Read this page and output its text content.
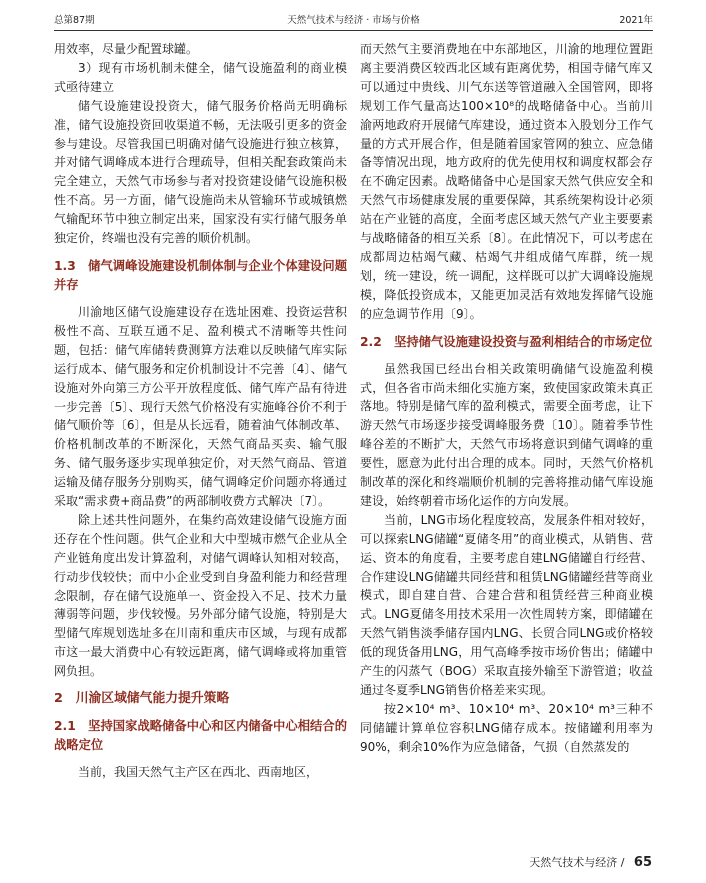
总第87期	天然气技术与经济 · 市场与价格	2021年

用效率，尽量少配置球罐。

3）现有市场机制未健全，储气设施盈利的商业模式亟待建立

储气设施建设投资大，储气服务价格尚无明确标准，储气设施投资回收渠道不畅，无法吸引更多的资金参与建设。尽管我国已明确对储气设施进行独立核算，并对储气调峰成本进行合理疏导，但相关配套政策尚未完全建立，天然气市场参与者对投资建设储气设施积极性不高。另一方面，储气设施尚未从管输环节或城镇燃气输配环节中独立制定出来，国家没有实行储气服务单独定价，终端也没有完善的顺价机制。

1.3　储气调峰设施建设机制体制与企业个体建设问题并存

川渝地区储气设施建设存在选址困难、投资运营积极性不高、互联互通不足、盈利模式不清晰等共性问题，包括：储气库储转费测算方法难以反映储气库实际运行成本、储气服务和定价机制设计不完善〔4〕、储气设施对外向第三方公平开放程度低、储气库产品有待进一步完善〔5〕、现行天然气价格没有实施峰谷价不利于储气顺价等〔6〕，但是从长远看，随着油气体制改革、价格机制改革的不断深化，天然气商品买卖、输气服务、储气服务逐步实现单独定价，对天然气商品、管道运输及储存服务分别购买，储气调峰定价问题亦将通过采取“需求费+商品费”的两部制收费方式解决〔7〕。

除上述共性问题外，在集约高效建设储气设施方面还存在个性问题。供气企业和大中型城市燃气企业从全产业链角度出发计算盈利，对储气调峰认知相对较高，行动步伐较快；而中小企业受到自身盈利能力和经营理念限制，存在储气设施单一、资金投入不足、技术力量薄弱等问题，步伐较慢。另外部分储气设施，特别是大型储气库规划选址多在川南和重庆市区域，与现有成都市这一最大消费中心有较远距离，储气调峰或将加重管网负担。

2　川渝区域储气能力提升策略
2.1　坚持国家战略储备中心和区内储备中心相结合的战略定位

当前，我国天然气主产区在西北、西南地区，

而天然气主要消费地在中东部地区，川渝的地理位置距离主要消费区较西北区域有距离优势，相国寺储气库又可以通过中贵线、川气东送等管道融入全国管网，即将规划工作气量高达100×10⁸的战略储备中心。当前川渝两地政府开展储气库建设，通过资本入股划分工作气量的方式开展合作，但是随着国家管网的独立、应急储备等情况出现，地方政府的优先使用权和调度权都会存在不确定因素。战略储备中心是国家天然气供应安全和天然气市场健康发展的重要保障，其系统架构设计必须站在产业链的高度，全面考虑区域天然气产业主要要素与战略储备的相互关系〔8〕。在此情况下，可以考虑在成都周边枯竭气藏、枯竭气井组成储气库群，统一规划，统一建设，统一调配，这样既可以扩大调峰设施规模，降低投资成本，又能更加灵活有效地发挥储气设施的应急调节作用〔9〕。

2.2　坚持储气设施建设投资与盈利相结合的市场定位

虽然我国已经出台相关政策明确储气设施盈利模式，但各省市尚未细化实施方案，致使国家政策未真正落地。特别是储气库的盈利模式，需要全面考虑，让下游天然气市场逐步接受调峰服务费〔10〕。随着季节性峰谷差的不断扩大，天然气市场将意识到储气调峰的重要性，愿意为此付出合理的成本。同时，天然气价格机制改革的深化和终端顺价机制的完善将推动储气库设施建设，始终朝着市场化运作的方向发展。

当前，LNG市场化程度较高，发展条件相对较好，可以探索LNG储罐“夏储冬用”的商业模式，从销售、营运、资本的角度看，主要考虑自建LNG储罐自行经营、合作建设LNG储罐共同经营和租赁LNG储罐经营等商业模式，即自建自营、合建合营和租赁经营三种商业模式。LNG夏储冬用技术采用一次性周转方案，即储罐在天然气销售淡季储存国内LNG、长贸合同LNG或价格较低的现货备用LNG，用气高峰季按市场价售出；储罐中产生的闪蒸气（BOG）采取直接外输至下游管道；收益通过冬夏季LNG销售价格差来实现。

按2×10⁴ m³、10×10⁴ m³、20×10⁴ m³三种不同储罐计算单位容积LNG储存成本。按储罐利用率为90%，剩余10%作为应急储备，气损（自然蒸发的

天然气技术与经济 / 65
